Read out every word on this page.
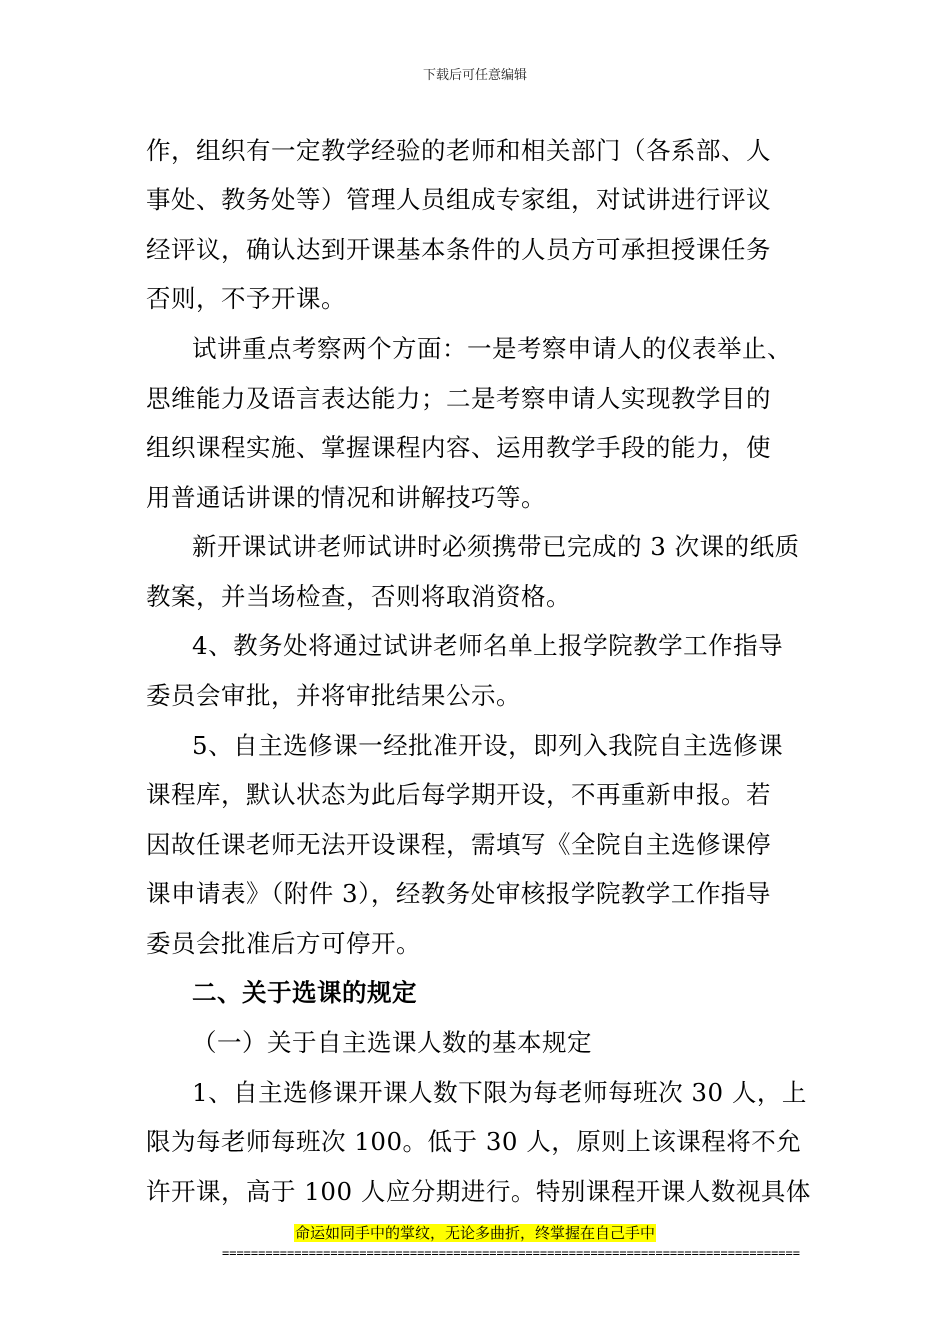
下载后可任意编辑
作，组织有一定教学经验的老师和相关部门（各系部、人
事处、教务处等）管理人员组成专家组，对试讲进行评议
经评议，确认达到开课基本条件的人员方可承担授课任务
否则，不予开课。
试讲重点考察两个方面：一是考察申请人的仪表举止、
思维能力及语言表达能力；二是考察申请人实现教学目的
组织课程实施、掌握课程内容、运用教学手段的能力，使
用普通话讲课的情况和讲解技巧等。
新开课试讲老师试讲时必须携带已完成的 3 次课的纸质
教案，并当场检查，否则将取消资格。
4、教务处将通过试讲老师名单上报学院教学工作指导
委员会审批，并将审批结果公示。
5、自主选修课一经批准开设，即列入我院自主选修课
课程库，默认状态为此后每学期开设，不再重新申报。若
因故任课老师无法开设课程，需填写《全院自主选修课停
课申请表》（附件 3），经教务处审核报学院教学工作指导
委员会批准后方可停开。
二、关于选课的规定
（一）关于自主选课人数的基本规定
1、自主选修课开课人数下限为每老师每班次 30 人，上
限为每老师每班次 100。低于 30 人，原则上该课程将不允
许开课，高于 100 人应分期进行。特别课程开课人数视具体
命运如同手中的掌纹，无论多曲折，终掌握在自己手中
================================================================================
